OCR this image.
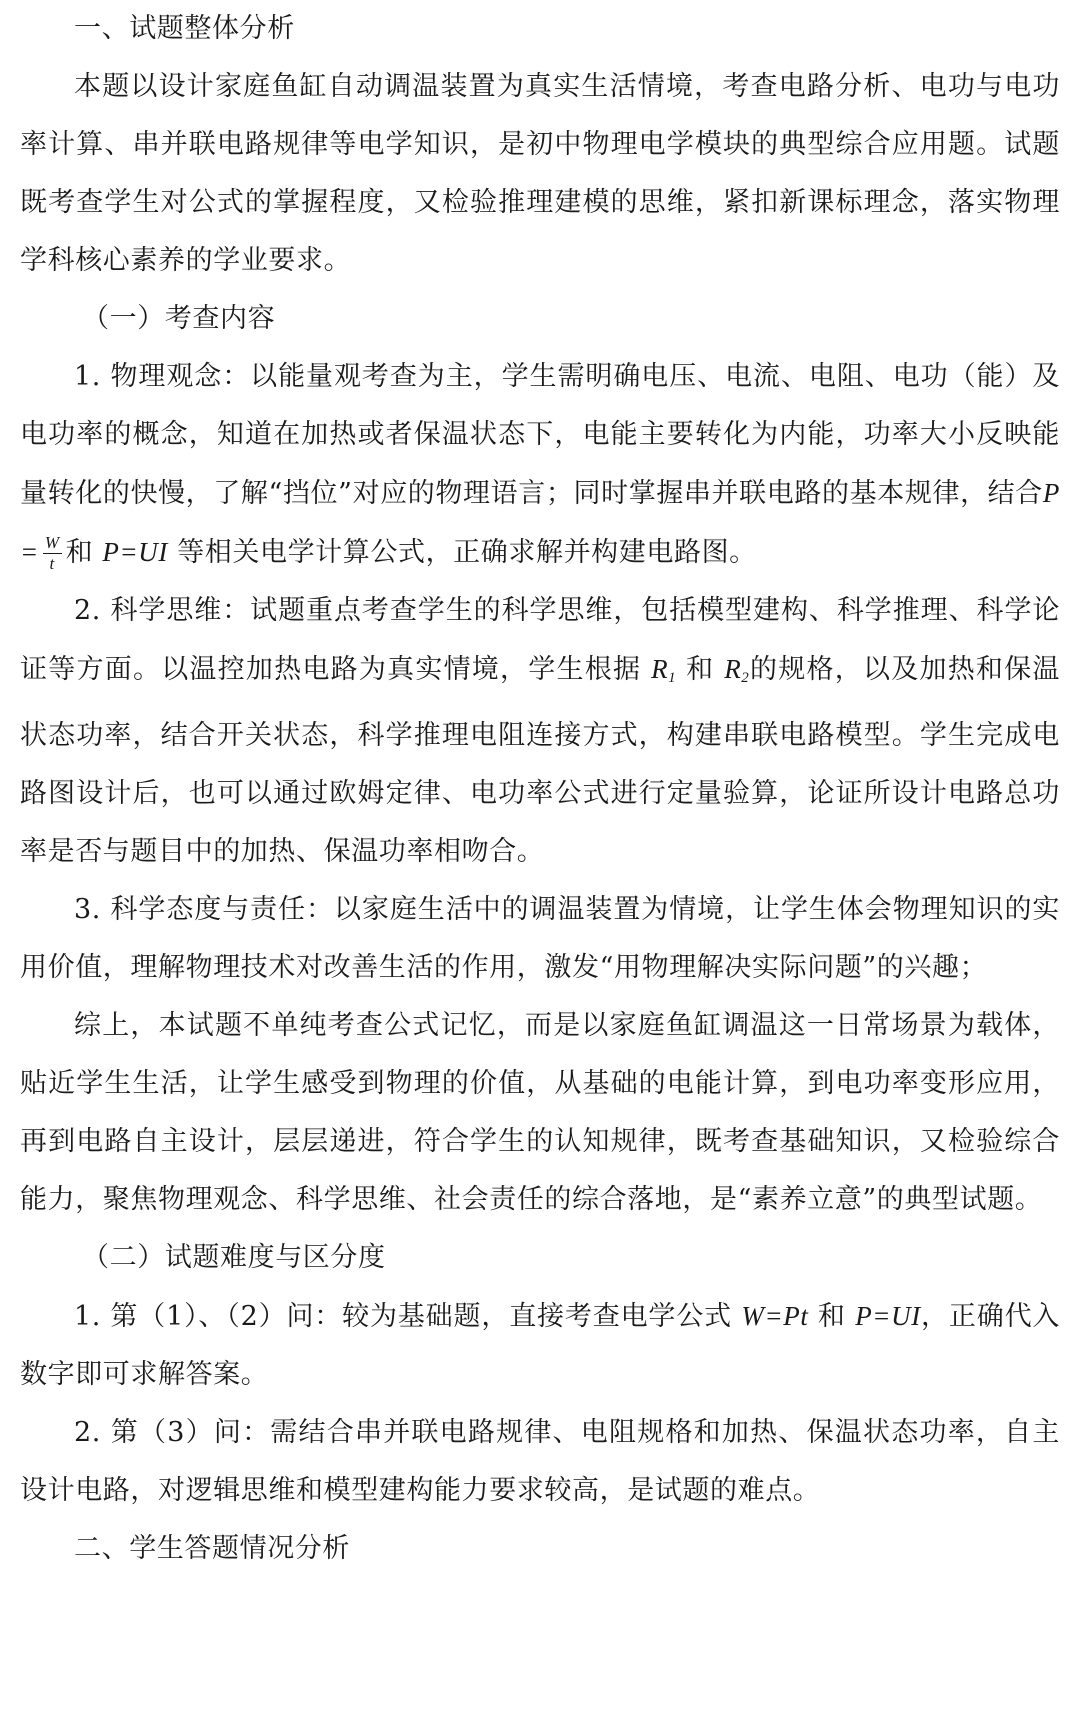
一、试题整体分析

本题以设计家庭鱼缸自动调温装置为真实生活情境，考查电路分析、电功与电功率计算、串并联电路规律等电学知识，是初中物理电学模块的典型综合应用题。试题既考查学生对公式的掌握程度，又检验推理建模的思维，紧扣新课标理念，落实物理学科核心素养的学业要求。

（一）考查内容

1. 物理观念：以能量观考查为主，学生需明确电压、电流、电阻、电功（能）及电功率的概念，知道在加热或者保温状态下，电能主要转化为内能，功率大小反映能量转化的快慢，了解“挡位”对应的物理语言；同时掌握串并联电路的基本规律，结合$P = \frac{W}{t}$ 和 P=UI 等相关电学计算公式，正确求解并构建电路图。

2. 科学思维：试题重点考查学生的科学思维，包括模型建构、科学推理、科学论证等方面。以温控加热电路为真实情境，学生根据 $R_1$ 和 $R_2$的规格，以及加热和保温状态功率，结合开关状态，科学推理电阻连接方式，构建串联电路模型。学生完成电路图设计后，也可以通过欧姆定律、电功率公式进行定量验算，论证所设计电路总功率是否与题目中的加热、保温功率相吻合。

3. 科学态度与责任：以家庭生活中的调温装置为情境，让学生体会物理知识的实用价值，理解物理技术对改善生活的作用，激发“用物理解决实际问题”的兴趣；

综上，本试题不单纯考查公式记忆，而是以家庭鱼缸调温这一日常场景为载体，贴近学生生活，让学生感受到物理的价值，从基础的电能计算，到电功率变形应用，再到电路自主设计，层层递进，符合学生的认知规律，既考查基础知识，又检验综合能力，聚焦物理观念、科学思维、社会责任的综合落地，是“素养立意”的典型试题。

（二）试题难度与区分度

1. 第（1）、（2）问：较为基础题，直接考查电学公式 W=Pt 和 P=UI，正确代入数字即可求解答案。

2. 第（3）问：需结合串并联电路规律、电阻规格和加热、保温状态功率，自主设计电路，对逻辑思维和模型建构能力要求较高，是试题的难点。

二、学生答题情况分析
